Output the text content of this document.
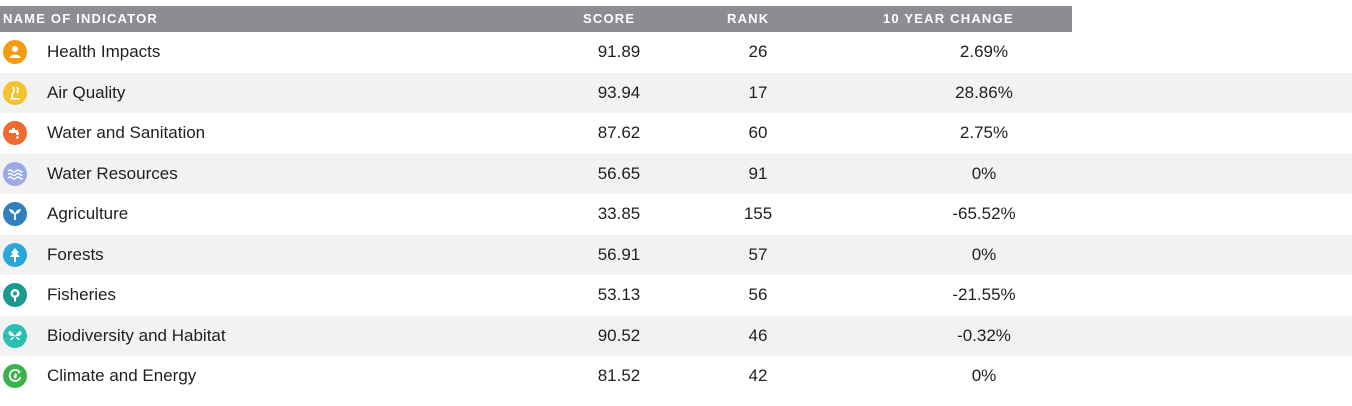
NAME OF INDICATOR	SCORE	RANK	10 YEAR CHANGE
Health Impacts	91.89	26	2.69%
Air Quality	93.94	17	28.86%
Water and Sanitation	87.62	60	2.75%
Water Resources	56.65	91	0%
Agriculture	33.85	155	-65.52%
Forests	56.91	57	0%
Fisheries	53.13	56	-21.55%
Biodiversity and Habitat	90.52	46	-0.32%
Climate and Energy	81.52	42	0%
